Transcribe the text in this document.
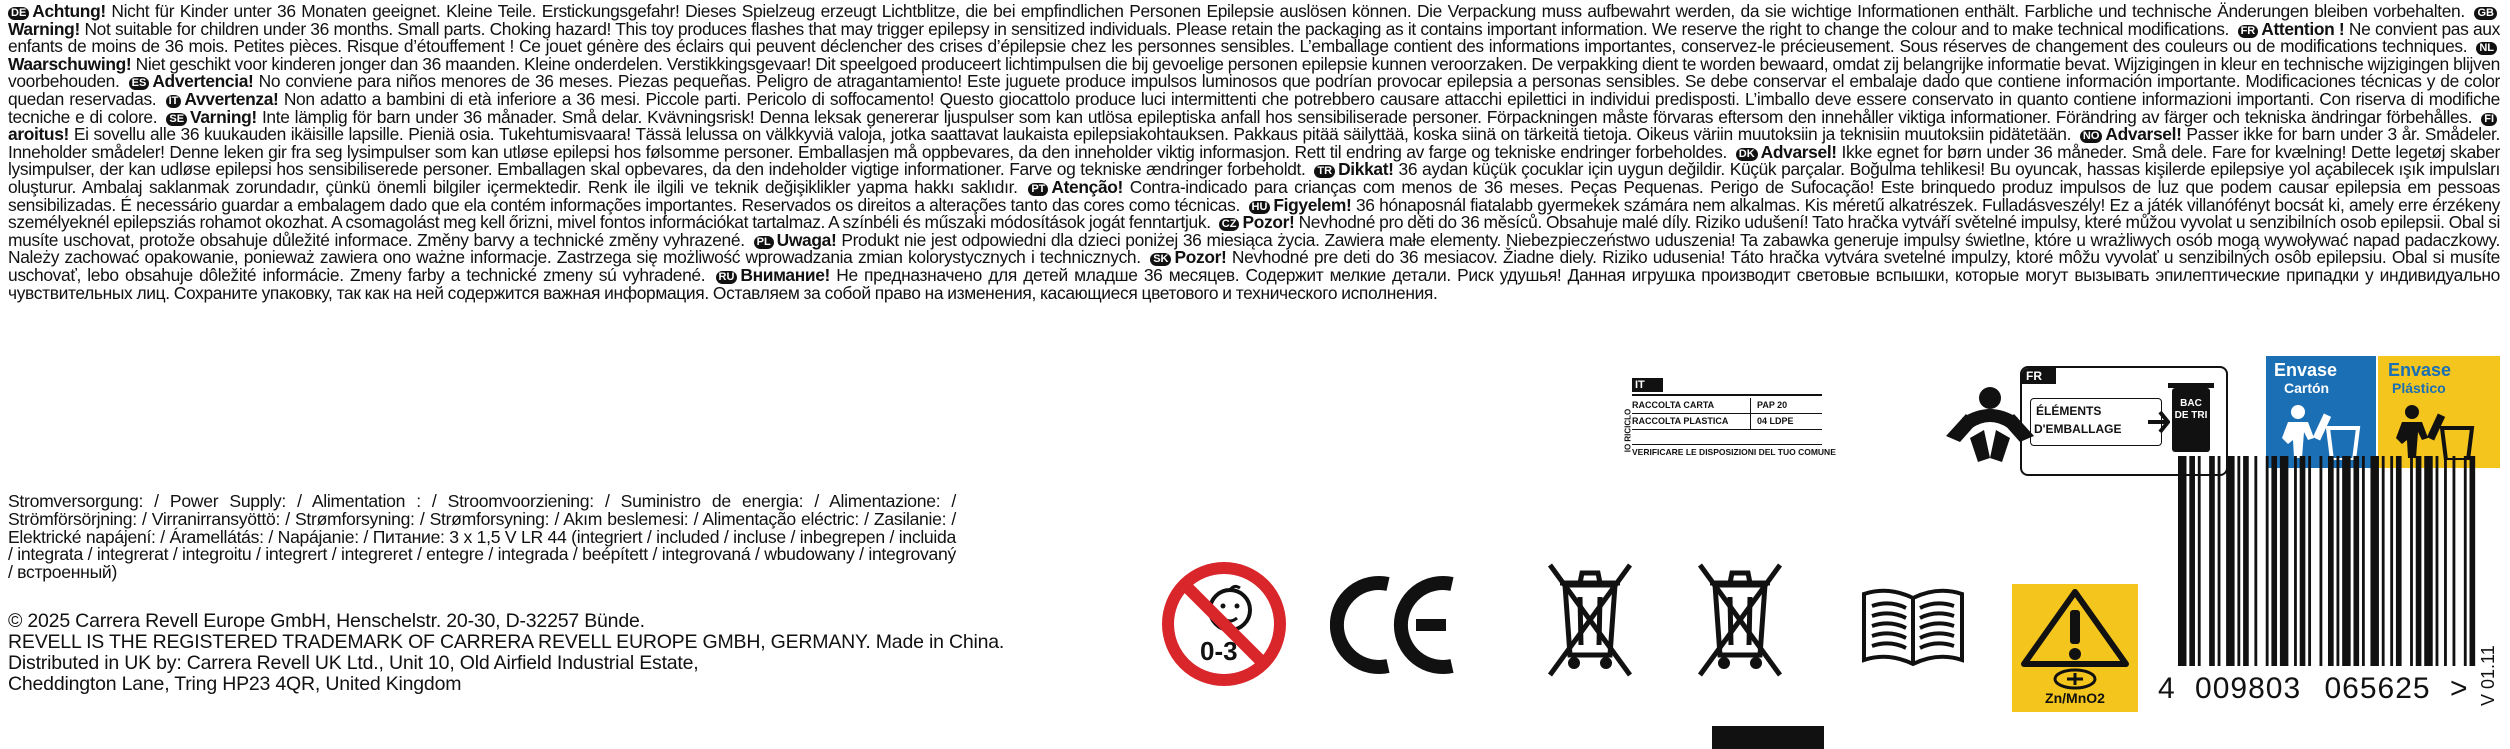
DE Achtung! Nicht für Kinder unter 36 Monaten geeignet. Kleine Teile. Erstickungsgefahr! Dieses Spielzeug erzeugt Lichtblitze, die bei empfindlichen Personen Epilepsie auslösen können. Die Verpackung muss aufbewahrt werden, da sie wichtige Informationen enthält. Farbliche und technische Änderungen bleiben vorbehalten. GBWarning! Not suitable for children under 36 months. Small parts. Choking hazard! This toy produces flashes that may trigger epilepsy in sensitized individuals. Please retain the packaging as it contains important information. We reserve the right to change the colour and to make technical modifications. FR Attention ! Ne convient pas aux enfants de moins de 36 mois. Petites pièces. Risque d’étouffement ! Ce jouet génère des éclairs qui peuvent déclencher des crises d’épilepsie chez les personnes sensibles. L’emballage contient des informations importantes, conservez-le précieusement. Sous réserves de changement des couleurs ou de modifications techniques. NLWaarschuwing! Niet geschikt voor kinderen jonger dan 36 maanden. Kleine onderdelen. Verstikkingsgevaar! Dit speelgoed produceert lichtimpulsen die bij gevoelige personen epilepsie kunnen veroorzaken. De verpakking dient te worden bewaard, omdat zij belangrijke informatie bevat. Wijzigingen in kleur en technische wijzigingen blijven voorbehouden. ES Advertencia! No conviene para niños menores de 36 meses. Piezas pequeñas. Peligro de atragantamiento! Este juguete produce impulsos luminosos que podrían provocar epilepsia a personas sensibles. Se debe conservar el embalaje dado que contiene información importante. Modificaciones técnicas y de color quedan reservadas. IT Avvertenza! Non adatto a bambini di età inferiore a 36 mesi. Piccole parti. Pericolo di soffocamento! Questo giocattolo produce luci intermittenti che potrebbero causare attacchi epilettici in individui predisposti. L’imballo deve essere conservato in quanto contiene informazioni importanti. Con riserva di modifiche tecniche e di colore. SE Varning! Inte lämplig för barn under 36 månader. Små delar. Kvävningsrisk! Denna leksak genererar ljuspulser som kan utlösa epileptiska anfall hos sensibiliserade personer. Förpackningen måste förvaras eftersom den innehåller viktiga informationer. Förändring av färger och tekniska ändringar förbehålles. FIaroitus! Ei sovellu alle 36 kuukauden ikäisille lapsille. Pieniä osia. Tukehtumisvaara! Tässä lelussa on välkkyviä valoja, jotka saattavat laukaista epilepsiakohtauksen. Pakkaus pitää säilyttää, koska siinä on tärkeitä tietoja. Oikeus väriin muutoksiin ja teknisiin muutoksiin pidätetään. NO Advarsel! Passer ikke for barn under 3 år. Smådeler. Inneholder smådeler! Denne leken gir fra seg lysimpulser som kan utløse epilepsi hos følsomme personer. Emballasjen må oppbevares, da den inneholder viktig informasjon. Rett til endring av farge og tekniske endringer forbeholdes. DK Advarsel! Ikke egnet for børn under 36 måneder. Små dele. Fare for kvælning! Dette legetøj skaber lysimpulser, der kan udløse epilepsi hos sensibiliserede personer. Emballagen skal opbevares, da den indeholder vigtige informationer. Farve og tekniske ændringer forbeholdt. TR Dikkat! 36 aydan küçük çocuklar için uygun değildir. Küçük parçalar. Boğulma tehlikesi! Bu oyuncak, hassas kişilerde epilepsiye yol açabilecek ışık impulsları oluşturur. Ambalaj saklanmak zorundadır, çünkü önemli bilgiler içermektedir. Renk ile ilgili ve teknik değişiklikler yapma hakkı saklıdır. PT Atenção! Contra-indicado para crianças com menos de 36 meses. Peças Pequenas. Perigo de Sufocação! Este brinquedo produz impulsos de luz que podem causar epilepsia em pessoas sensibilizadas. É necessário guardar a embalagem dado que ela contém informações importantes. Reservados os direitos a alterações tanto das cores como técnicas. HU Figyelem! 36 hónaposnál fiatalabb gyermekek számára nem alkalmas. Kis méretű alkatrészek. Fulladásveszély! Ez a játék villanófényt bocsát ki, amely erre érzékeny személyeknél epilepsziás rohamot okozhat. A csomagolást meg kell őrizni, mivel fontos információkat tartalmaz. A színbéli és műszaki módosítások jogát fenntartjuk. CZ Pozor! Nevhodné pro děti do 36 měsíců. Obsahuje malé díly. Riziko udušení! Tato hračka vytváří světelné impulsy, které můžou vyvolat u senzibilních osob epilepsii. Obal si musíte uschovat, protože obsahuje důležité informace. Změny barvy a technické změny vyhrazené. PL Uwaga! Produkt nie jest odpowiedni dla dzieci poniżej 36 miesiąca życia. Zawiera małe elementy. Niebezpieczeństwo uduszenia! Ta zabawka generuje impulsy świetlne, które u wrażliwych osób mogą wywoływać napad padaczkowy. Należy zachować opakowanie, ponieważ zawiera ono ważne informacje. Zastrzega się możliwość wprowadzania zmian kolorystycznych i technicznych. SK Pozor! Nevhodné pre deti do 36 mesiacov. Žiadne diely. Riziko udusenia! Táto hračka vytvára svetelné impulzy, ktoré môžu vyvolať u senzibilných osôb epilepsiu. Obal si musíte uschovať, lebo obsahuje dôležité informácie. Zmeny farby a technické zmeny sú vyhradené. RU Внимание! Не предназначено для детей младше 36 месяцев. Содержит мелкие детали. Риск удушья! Данная игрушка производит световые вспышки, которые могут вызывать эпилептические припадки у индивидуально чувствительных лиц. Сохраните упаковку, так как на ней содержится важная информация. Оставляем за собой право на изменения, касающиеся цветового и технического исполнения.
Stromversorgung: / Power Supply: / Alimentation : / Stroomvoorziening: / Suministro de energia: / Alimentazione: / Strömförsörjning: / Virranirransyöttö: / Strømforsyning: / Strømforsyning: / Akım beslemesi: / Alimentação eléctric: / Zasilanie: / Elektrické napájení: / Áramellátás: / Napájanie: / Питание: 3 x 1,5 V LR 44 (integriert / included / incluse / inbegrepen / incluida / integrata / integrerat / integroitu / integrert / integreret / entegre / integrada / beépített / integrovaná / wbudowany / integrovaný / встроенный)
© 2025 Carrera Revell Europe GmbH, Henschelstr. 20-30, D-32257 Bünde.
REVELL IS THE REGISTERED TRADEMARK OF CARRERA REVELL EUROPE GMBH, GERMANY. Made in China.
Distributed in UK by: Carrera Revell UK Ltd., Unit 10, Old Airfield Industrial Estate,
Cheddington Lane, Tring HP23 4QR, United Kingdom
IT
IO RICICLO
RACCOLTA CARTA	PAP 20
RACCOLTA PLASTICA	04 LDPE
VERIFICARE LE DISPOSIZIONI DEL TUO COMUNE
FR
ÉLÉMENTS
D'EMBALLAGE
BAC DE TRI
Envase
Cartón
Envase
Plástico
0-3
Zn/MnO2	4 009803 065625 > V 01.11
